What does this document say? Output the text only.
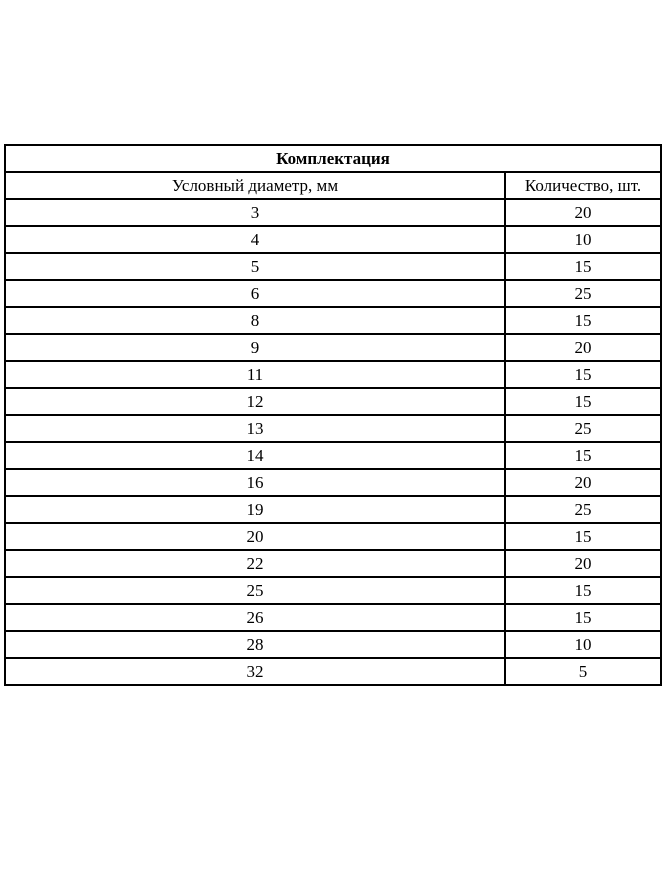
Комплектация	
Условный диаметр, мм	Количество, шт.
3	20
4	10
5	15
6	25
8	15
9	20
11	15
12	15
13	25
14	15
16	20
19	25
20	15
22	20
25	15
26	15
28	10
32	5
